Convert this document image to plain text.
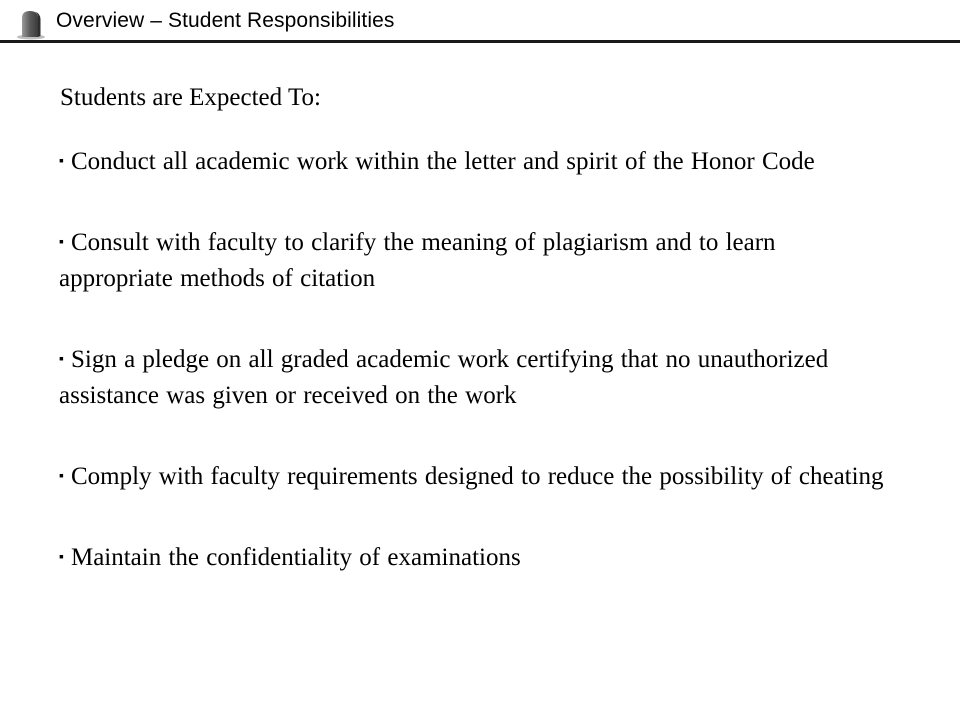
Overview – Student Responsibilities
Students are Expected To:
▪ Conduct all academic work within the letter and spirit of the Honor Code
▪ Consult with faculty to clarify the meaning of plagiarism and to learn appropriate methods of citation
▪ Sign a pledge on all graded academic work certifying that no unauthorized assistance was given or received on the work
▪ Comply with faculty requirements designed to reduce the possibility of cheating
▪ Maintain the confidentiality of examinations
